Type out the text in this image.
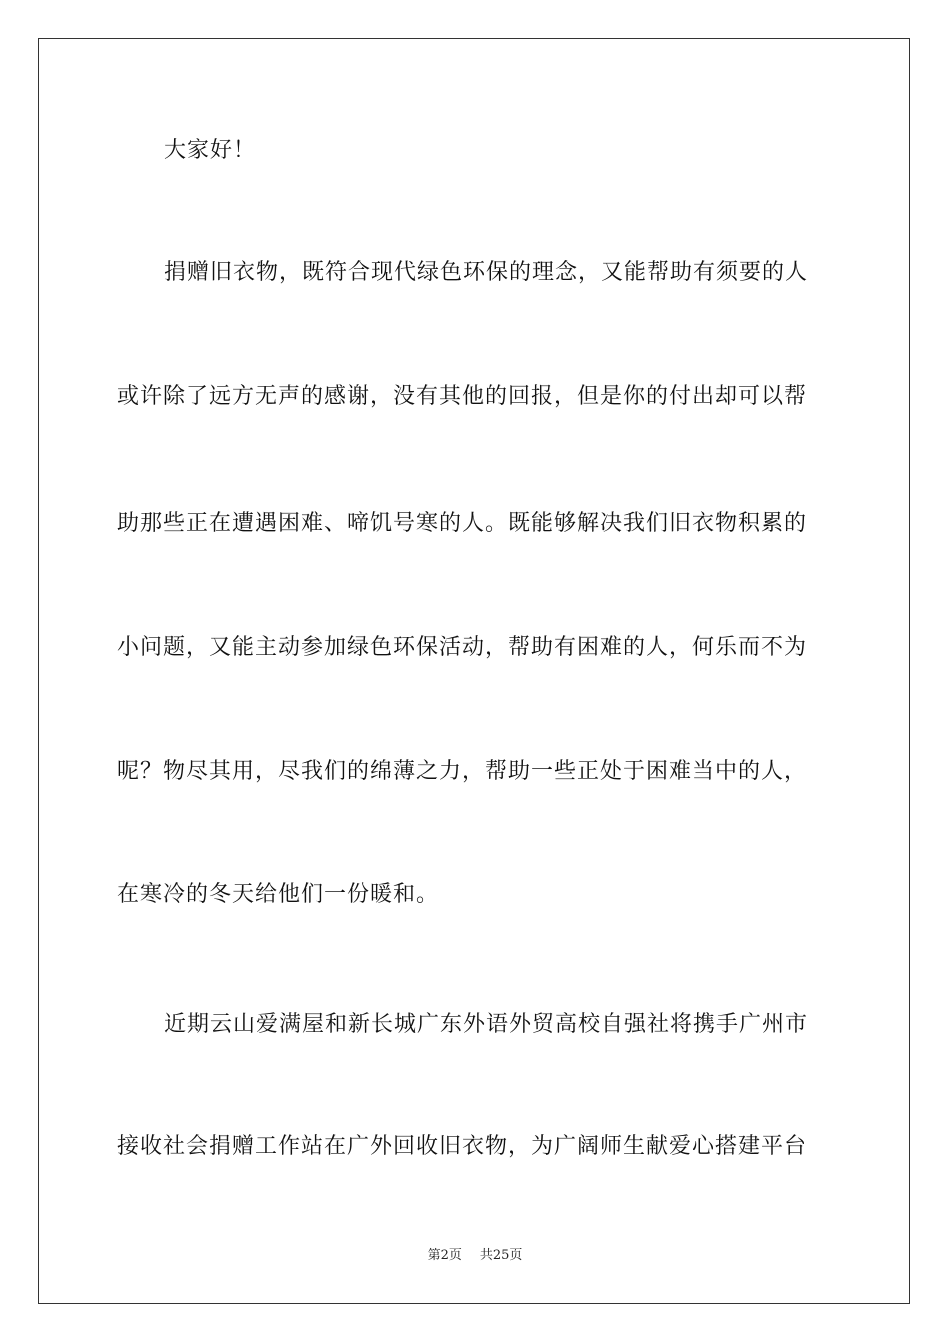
大家好！
捐赠旧衣物，既符合现代绿色环保的理念，又能帮助有须要的人
或许除了远方无声的感谢，没有其他的回报，但是你的付出却可以帮
助那些正在遭遇困难、啼饥号寒的人。既能够解决我们旧衣物积累的
小问题，又能主动参加绿色环保活动，帮助有困难的人，何乐而不为
呢？物尽其用，尽我们的绵薄之力，帮助一些正处于困难当中的人，
在寒冷的冬天给他们一份暖和。
近期云山爱满屋和新长城广东外语外贸高校自强社将携手广州市
接收社会捐赠工作站在广外回收旧衣物，为广阔师生献爱心搭建平台
第2页 共25页
